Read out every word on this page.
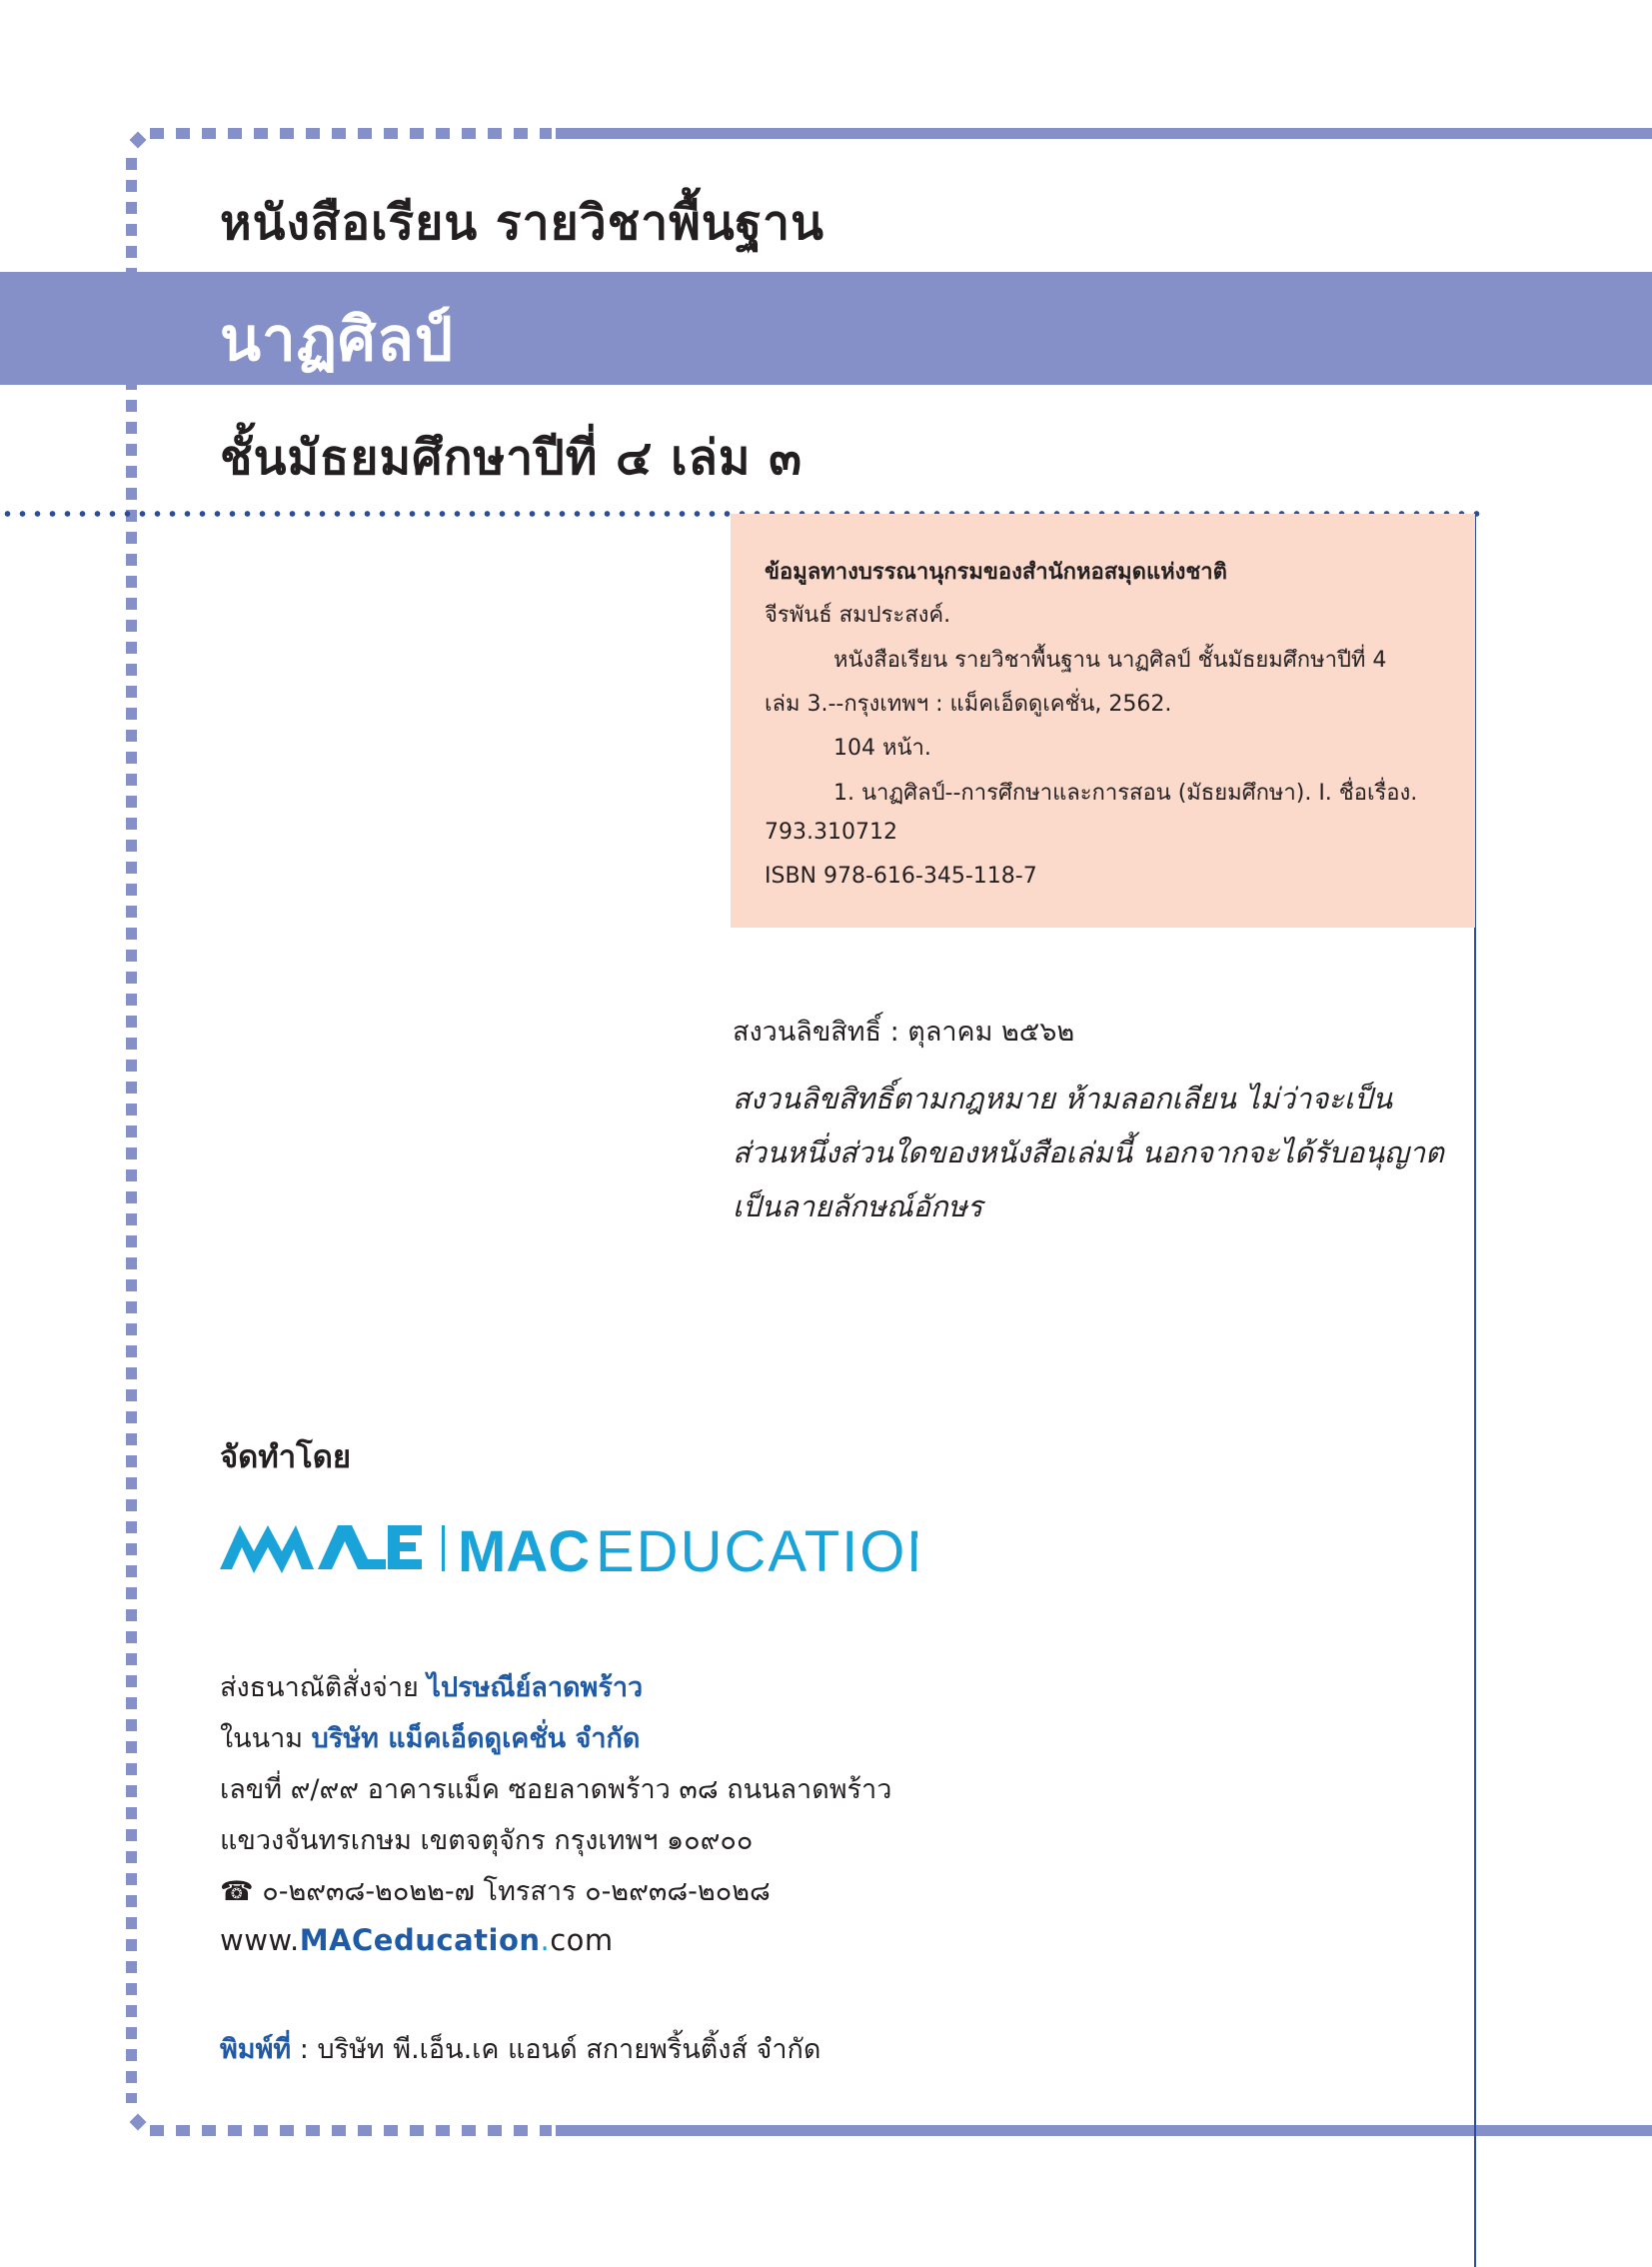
หนังสือเรียน รายวิชาพื้นฐาน
นาฏศิลป์
ชั้นมัธยมศึกษาปีที่ ๔ เล่ม ๓
ข้อมูลทางบรรณานุกรมของสำนักหอสมุดแห่งชาติ
จีรพันธ์ สมประสงค์.
หนังสือเรียน รายวิชาพื้นฐาน นาฏศิลป์ ชั้นมัธยมศึกษาปีที่ 4
เล่ม 3.--กรุงเทพฯ : แม็คเอ็ดดูเคชั่น, 2562.
104 หน้า.
1. นาฏศิลป์--การศึกษาและการสอน (มัธยมศึกษา). I. ชื่อเรื่อง.
793.310712
ISBN 978-616-345-118-7
สงวนลิขสิทธิ์ : ตุลาคม ๒๕๖๒
สงวนลิขสิทธิ์ตามกฎหมาย ห้ามลอกเลียน ไม่ว่าจะเป็น
ส่วนหนึ่งส่วนใดของหนังสือเล่มนี้ นอกจากจะได้รับอนุญาต
เป็นลายลักษณ์อักษร
จัดทำโดย
MAC EDUCATION
ส่งธนาณัติสั่งจ่าย ไปรษณีย์ลาดพร้าว
ในนาม บริษัท แม็คเอ็ดดูเคชั่น จำกัด
เลขที่ ๙/๙๙ อาคารแม็ค ซอยลาดพร้าว ๓๘ ถนนลาดพร้าว
แขวงจันทรเกษม เขตจตุจักร กรุงเทพฯ ๑๐๙๐๐
☎ ๐-๒๙๓๘-๒๐๒๒-๗ โทรสาร ๐-๒๙๓๘-๒๐๒๘
www.MACeducation.com
พิมพ์ที่ : บริษัท พี.เอ็น.เค แอนด์ สกายพริ้นติ้งส์ จำกัด
